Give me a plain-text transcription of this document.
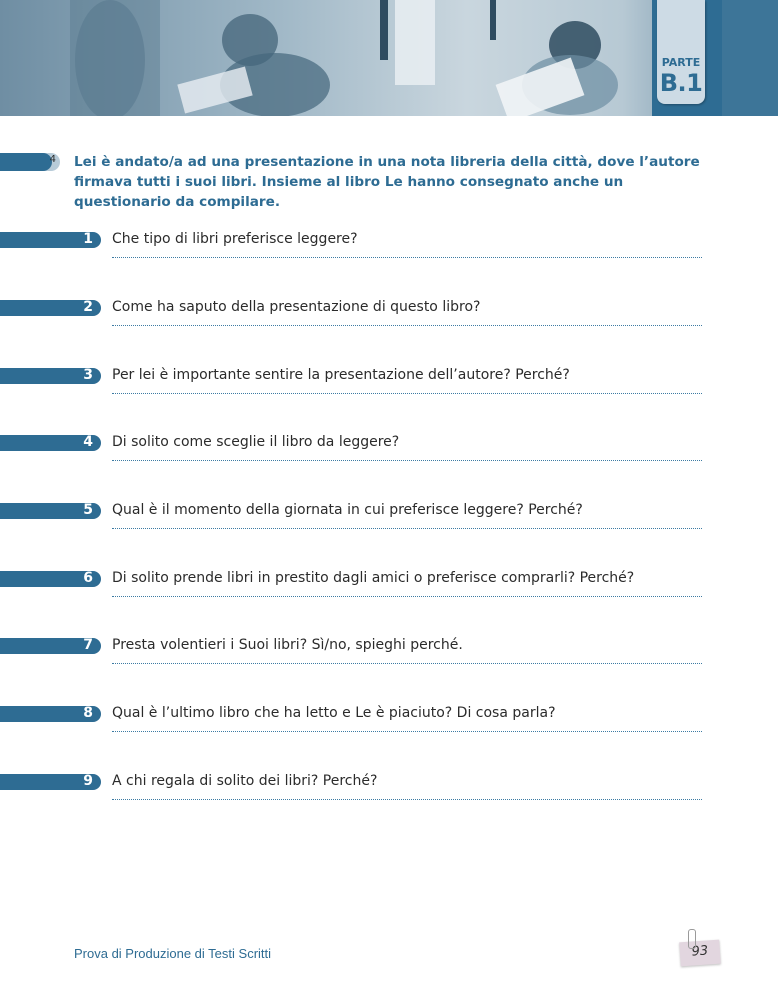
PARTE
B.1
4 Lei è andato/a ad una presentazione in una nota libreria della città, dove l’autore firmava tutti i suoi libri. Insieme al libro Le hanno consegnato anche un questionario da compilare.
1 Che tipo di libri preferisce leggere?
2 Come ha saputo della presentazione di questo libro?
3 Per lei è importante sentire la presentazione dell’autore? Perché?
4 Di solito come sceglie il libro da leggere?
5 Qual è il momento della giornata in cui preferisce leggere? Perché?
6 Di solito prende libri in prestito dagli amici o preferisce comprarli? Perché?
7 Presta volentieri i Suoi libri? Sì/no, spieghi perché.
8 Qual è l’ultimo libro che ha letto e Le è piaciuto? Di cosa parla?
9 A chi regala di solito dei libri? Perché?
Prova di Produzione di Testi Scritti	93
